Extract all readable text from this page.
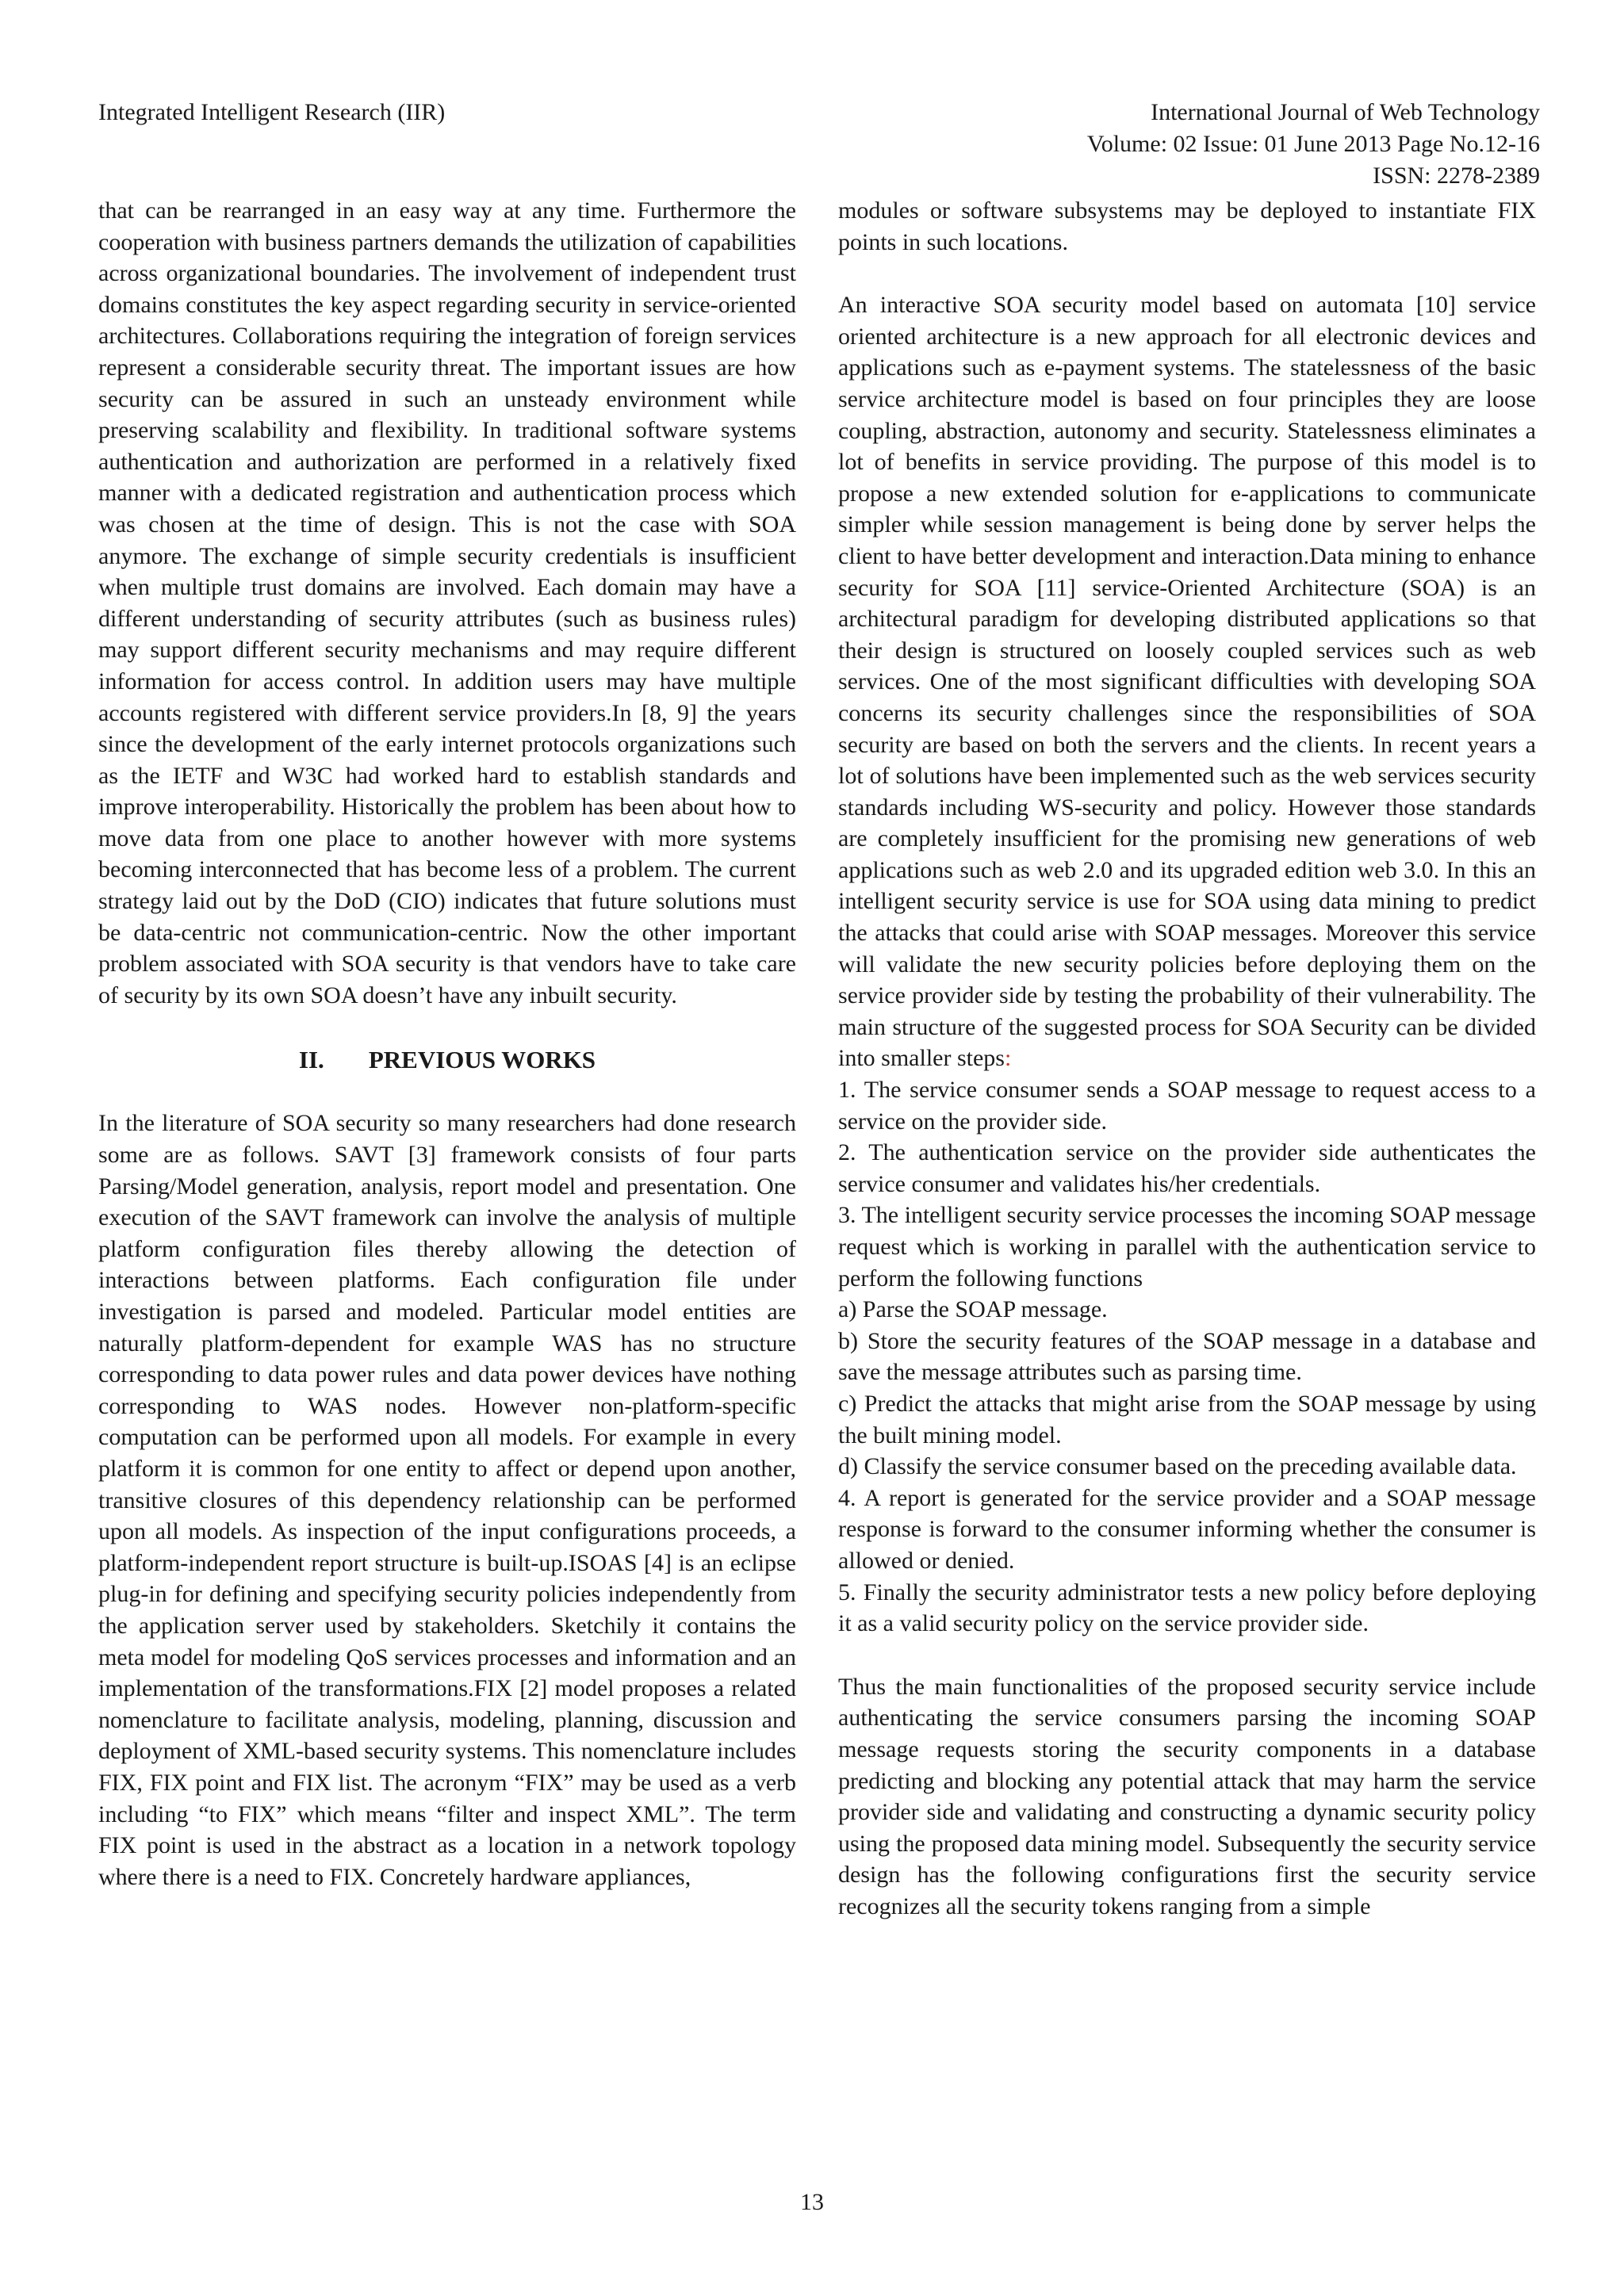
Integrated Intelligent Research (IIR)	International Journal of Web Technology
Volume: 02 Issue: 01 June 2013 Page No.12-16
ISSN: 2278-2389

that can be rearranged in an easy way at any time. Furthermore the cooperation with business partners demands the utilization of capabilities across organizational boundaries. The involvement of independent trust domains constitutes the key aspect regarding security in service-oriented architectures. Collaborations requiring the integration of foreign services represent a considerable security threat. The important issues are how security can be assured in such an unsteady environment while preserving scalability and flexibility. In traditional software systems authentication and authorization are performed in a relatively fixed manner with a dedicated registration and authentication process which was chosen at the time of design. This is not the case with SOA anymore. The exchange of simple security credentials is insufficient when multiple trust domains are involved. Each domain may have a different understanding of security attributes (such as business rules) may support different security mechanisms and may require different information for access control. In addition users may have multiple accounts registered with different service providers.In [8, 9] the years since the development of the early internet protocols organizations such as the IETF and W3C had worked hard to establish standards and improve interoperability. Historically the problem has been about how to move data from one place to another however with more systems becoming interconnected that has become less of a problem. The current strategy laid out by the DoD (CIO) indicates that future solutions must be data-centric not communication-centric. Now the other important problem associated with SOA security is that vendors have to take care of security by its own SOA doesn’t have any inbuilt security.

II. PREVIOUS WORKS

In the literature of SOA security so many researchers had done research some are as follows. SAVT [3] framework consists of four parts Parsing/Model generation, analysis, report model and presentation. One execution of the SAVT framework can involve the analysis of multiple platform configuration files thereby allowing the detection of interactions between platforms. Each configuration file under investigation is parsed and modeled. Particular model entities are naturally platform-dependent for example WAS has no structure corresponding to data power rules and data power devices have nothing corresponding to WAS nodes. However non-platform-specific computation can be performed upon all models. For example in every platform it is common for one entity to affect or depend upon another, transitive closures of this dependency relationship can be performed upon all models. As inspection of the input configurations proceeds, a platform-independent report structure is built-up.ISOAS [4] is an eclipse plug-in for defining and specifying security policies independently from the application server used by stakeholders. Sketchily it contains the meta model for modeling QoS services processes and information and an implementation of the transformations.FIX [2] model proposes a related nomenclature to facilitate analysis, modeling, planning, discussion and deployment of XML-based security systems. This nomenclature includes FIX, FIX point and FIX list. The acronym “FIX” may be used as a verb including “to FIX” which means “filter and inspect XML”. The term FIX point is used in the abstract as a location in a network topology where there is a need to FIX. Concretely hardware appliances,

modules or software subsystems may be deployed to instantiate FIX points in such locations.

An interactive SOA security model based on automata [10] service oriented architecture is a new approach for all electronic devices and applications such as e-payment systems. The statelessness of the basic service architecture model is based on four principles they are loose coupling, abstraction, autonomy and security. Statelessness eliminates a lot of benefits in service providing. The purpose of this model is to propose a new extended solution for e-applications to communicate simpler while session management is being done by server helps the client to have better development and interaction.Data mining to enhance security for SOA [11] service-Oriented Architecture (SOA) is an architectural paradigm for developing distributed applications so that their design is structured on loosely coupled services such as web services. One of the most significant difficulties with developing SOA concerns its security challenges since the responsibilities of SOA security are based on both the servers and the clients. In recent years a lot of solutions have been implemented such as the web services security standards including WS-security and policy. However those standards are completely insufficient for the promising new generations of web applications such as web 2.0 and its upgraded edition web 3.0. In this an intelligent security service is use for SOA using data mining to predict the attacks that could arise with SOAP messages. Moreover this service will validate the new security policies before deploying them on the service provider side by testing the probability of their vulnerability. The main structure of the suggested process for SOA Security can be divided into smaller steps:

1. The service consumer sends a SOAP message to request access to a service on the provider side.

2. The authentication service on the provider side authenticates the service consumer and validates his/her credentials.

3. The intelligent security service processes the incoming SOAP message request which is working in parallel with the authentication service to perform the following functions

a) Parse the SOAP message.

b) Store the security features of the SOAP message in a database and save the message attributes such as parsing time.

c) Predict the attacks that might arise from the SOAP message by using the built mining model.

d) Classify the service consumer based on the preceding available data.

4. A report is generated for the service provider and a SOAP message response is forward to the consumer informing whether the consumer is allowed or denied.

5. Finally the security administrator tests a new policy before deploying it as a valid security policy on the service provider side.

Thus the main functionalities of the proposed security service include authenticating the service consumers parsing the incoming SOAP message requests storing the security components in a database predicting and blocking any potential attack that may harm the service provider side and validating and constructing a dynamic security policy using the proposed data mining model. Subsequently the security service design has the following configurations first the security service recognizes all the security tokens ranging from a simple

13
